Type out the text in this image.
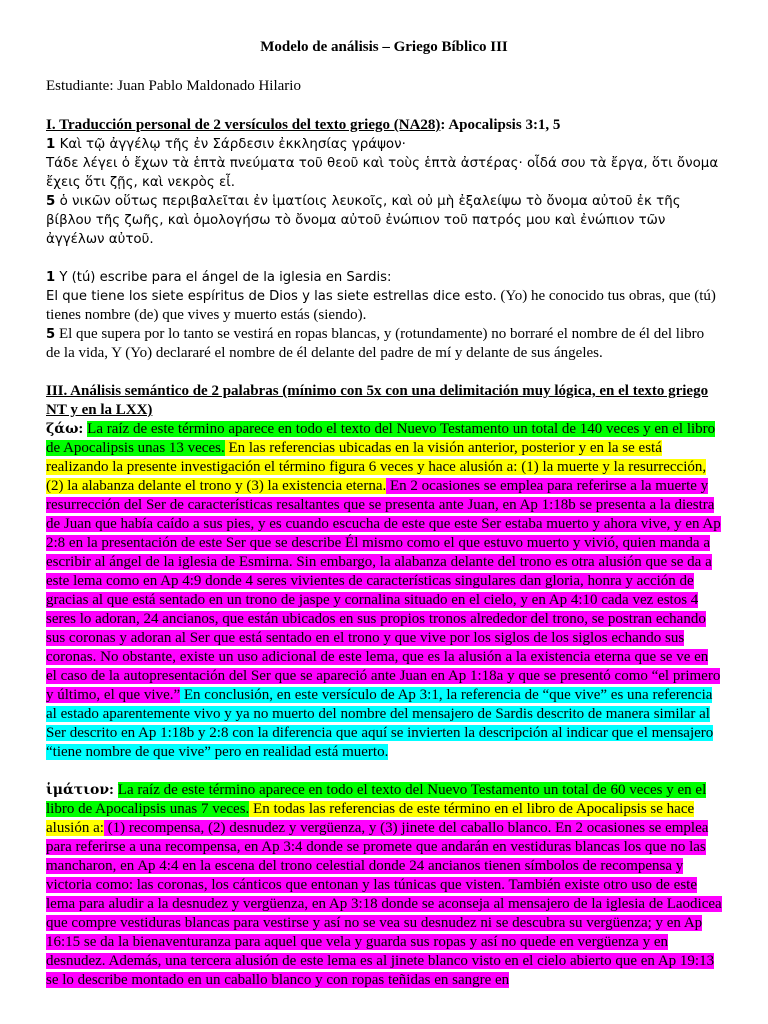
Modelo de análisis – Griego Bíblico III
Estudiante: Juan Pablo Maldonado Hilario
I. Traducción personal de 2 versículos del texto griego (NA28): Apocalipsis 3:1, 5

1 Καὶ τῷ ἀγγέλῳ τῆς ἐν Σάρδεσιν ἐκκλησίας γράψον·

Τάδε λέγει ὁ ἔχων τὰ ἑπτὰ πνεύματα τοῦ θεοῦ καὶ τοὺς ἑπτὰ ἀστέρας· οἶδά σου τὰ ἔργα, ὅτι ὄνομα ἔχεις ὅτι ζῇς, καὶ νεκρὸς εἶ.

5 ὁ νικῶν οὕτως περιβαλεῖται ἐν ἱματίοις λευκοῖς, καὶ οὐ μὴ ἐξαλείψω τὸ ὄνομα αὐτοῦ ἐκ τῆς βίβλου τῆς ζωῆς, καὶ ὁμολογήσω τὸ ὄνομα αὐτοῦ ἐνώπιον τοῦ πατρός μου καὶ ἐνώπιον τῶν ἀγγέλων αὐτοῦ.

1 Y (tú) escribe para el ángel de la iglesia en Sardis:

El que tiene los siete espíritus de Dios y las siete estrellas dice esto. (Yo) he conocido tus obras, que (tú) tienes nombre (de) que vives y muerto estás (siendo).

5 El que supera por lo tanto se vestirá en ropas blancas, y (rotundamente) no borraré el nombre de él del libro de la vida, Y (Yo) declararé el nombre de él delante del padre de mí y delante de sus ángeles.

III. Análisis semántico de 2 palabras (mínimo con 5x con una delimitación muy lógica, en el texto griego NT y en la LXX)

ζάω: La raíz de este término aparece en todo el texto del Nuevo Testamento un total de 140 veces y en el libro de Apocalipsis unas 13 veces. En las referencias ubicadas en la visión anterior, posterior y en la se está realizando la presente investigación el término figura 6 veces y hace alusión a: (1) la muerte y la resurrección, (2) la alabanza delante el trono y (3) la existencia eterna. En 2 ocasiones se emplea para referirse a la muerte y resurrección del Ser de características resaltantes que se presenta ante Juan, en Ap 1:18b se presenta a la diestra de Juan que había caído a sus pies, y es cuando escucha de este que este Ser estaba muerto y ahora vive, y en Ap 2:8 en la presentación de este Ser que se describe Él mismo como el que estuvo muerto y vivió, quien manda a escribir al ángel de la iglesia de Esmirna. Sin embargo, la alabanza delante del trono es otra alusión que se da a este lema como en Ap 4:9 donde 4 seres vivientes de características singulares dan gloria, honra y acción de gracias al que está sentado en un trono de jaspe y cornalina situado en el cielo, y en Ap 4:10 cada vez estos 4 seres lo adoran, 24 ancianos, que están ubicados en sus propios tronos alrededor del trono, se postran echando sus coronas y adoran al Ser que está sentado en el trono y que vive por los siglos de los siglos echando sus coronas. No obstante, existe un uso adicional de este lema, que es la alusión a la existencia eterna que se ve en el caso de la autopresentación del Ser que se apareció ante Juan en Ap 1:18a y que se presentó como “el primero y último, el que vive.” En conclusión, en este versículo de Ap 3:1, la referencia de “que vive” es una referencia al estado aparentemente vivo y ya no muerto del nombre del mensajero de Sardis descrito de manera similar al Ser descrito en Ap 1:18b y 2:8 con la diferencia que aquí se invierten la descripción al indicar que el mensajero “tiene nombre de que vive” pero en realidad está muerto.

ἱμάτιον: La raíz de este término aparece en todo el texto del Nuevo Testamento un total de 60 veces y en el libro de Apocalipsis unas 7 veces. En todas las referencias de este término en el libro de Apocalipsis se hace alusión a: (1) recompensa, (2) desnudez y vergüenza, y (3) jinete del caballo blanco. En 2 ocasiones se emplea para referirse a una recompensa, en Ap 3:4 donde se promete que andarán en vestiduras blancas los que no las mancharon, en Ap 4:4 en la escena del trono celestial donde 24 ancianos tienen símbolos de recompensa y victoria como: las coronas, los cánticos que entonan y las túnicas que visten. También existe otro uso de este lema para aludir a la desnudez y vergüenza, en Ap 3:18 donde se aconseja al mensajero de la iglesia de Laodicea que compre vestiduras blancas para vestirse y así no se vea su desnudez ni se descubra su vergüenza; y en Ap 16:15 se da la bienaventuranza para aquel que vela y guarda sus ropas y así no quede en vergüenza y en desnudez. Además, una tercera alusión de este lema es al jinete blanco visto en el cielo abierto que en Ap 19:13 se lo describe montado en un caballo blanco y con ropas teñidas en sangre en
